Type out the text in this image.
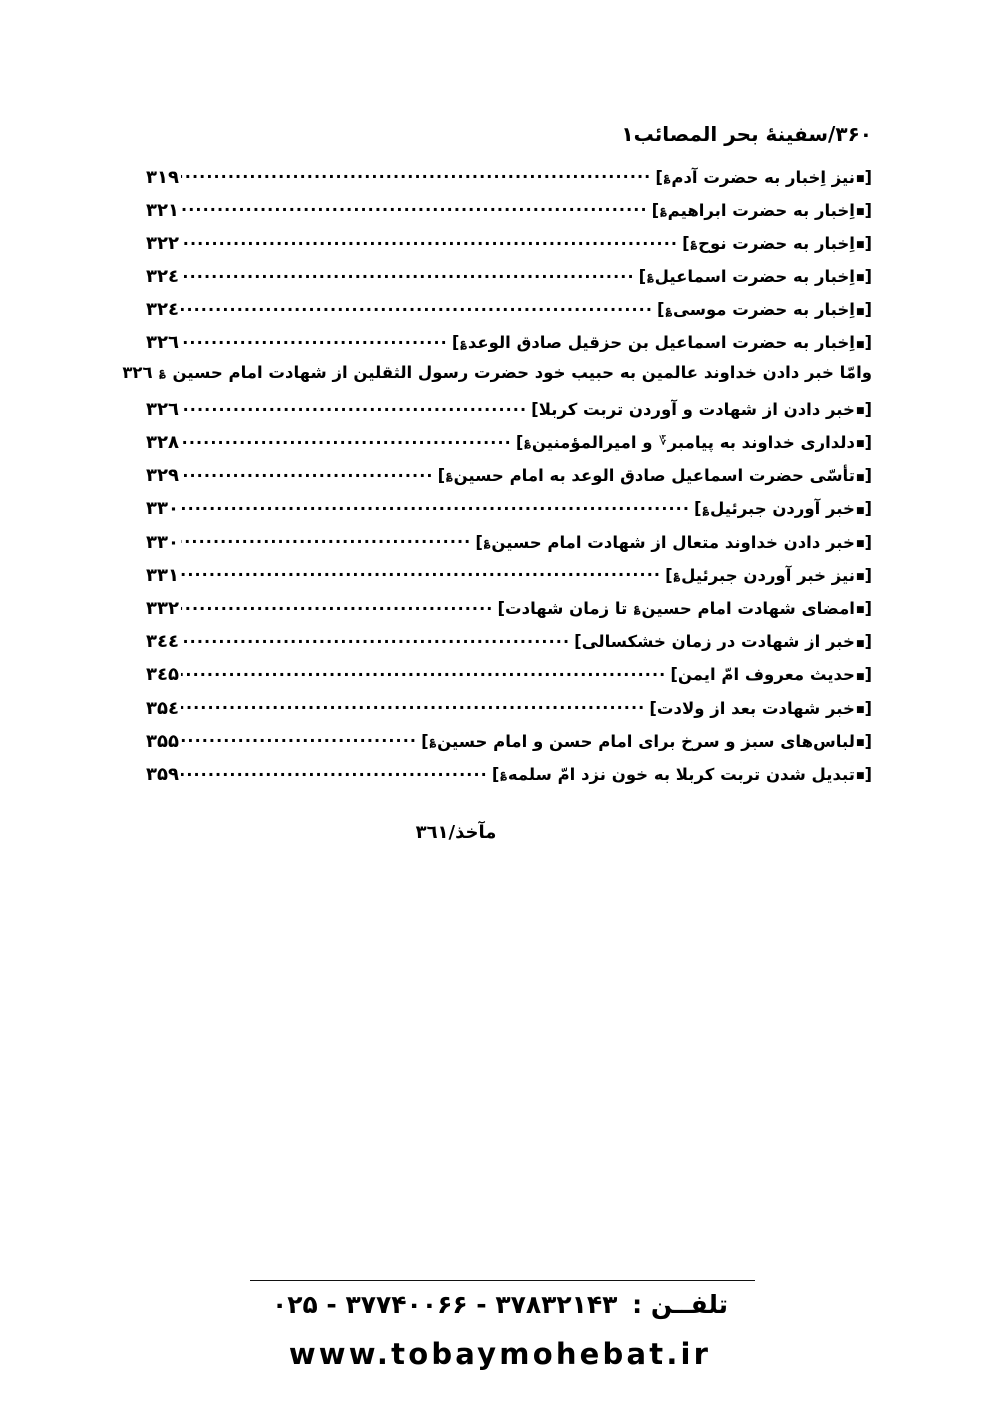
۳۶۰/سفینهٔ بحر المصائب۱
[■نیز اِخبار به حضرت آدم؏]
.....
۳۱۹
[■اِخبار به حضرت ابراهیم؏]
.....
۳۲۱
[■اِخبار به حضرت نوح؏]
.....
۳۲۲
[■اِخبار به حضرت اسماعیل؏]
.....
۳۲٤
[■اِخبار به حضرت موسی؏]
.....
۳۲٤
[■اِخبار به حضرت اسماعیل بن حزقیل صادق الوعد؏]
.....
۳۲٦
وامّا خبر دادن خداوند عالمین به حبیب خود حضرت رسول الثقلین از شهادت امام حسین ؏ ۳۲٦
[■خبر دادن از شهادت و آوردن تربت کربلا]
.....
۳۲٦
[■دلداری خداوند به پیامبر؆ و امیرالمؤمنین؏]
.....
۳۲۸
[■تأسّی حضرت اسماعیل صادق الوعد به امام حسین؏]
.....
۳۲۹
[■خبر آوردن جبرئیل؏]
.....
۳۳۰
[■خبر دادن خداوند متعال از شهادت امام حسین؏]
.....
۳۳۰
[■نیز خبر آوردن جبرئیل؏]
.....
۳۳۱
[■امضای شهادت امام حسین؏ تا زمان شهادت]
.....
۳۳۲
[■خبر از شهادت در زمان خشکسالی]
.....
۳٤٤
[■حدیث معروف امّ ایمن]
.....
۳٤۵
[■خبر شهادت بعد از ولادت]
.....
۳۵٤
[■لباس‌های سبز و سرخ برای امام حسن و امام حسین؏]
.....
۳۵۵
[■تبدیل شدن تربت کربلا به خون نزد امّ سلمه؏]
.....
۳۵۹
مآخذ/۳٦۱
تلفــن : ۰۲۵ - ۳۷۷۴۰۰۶۶ - ۳۷۸۳۲۱۴۳
www.tobaymohebat.ir
